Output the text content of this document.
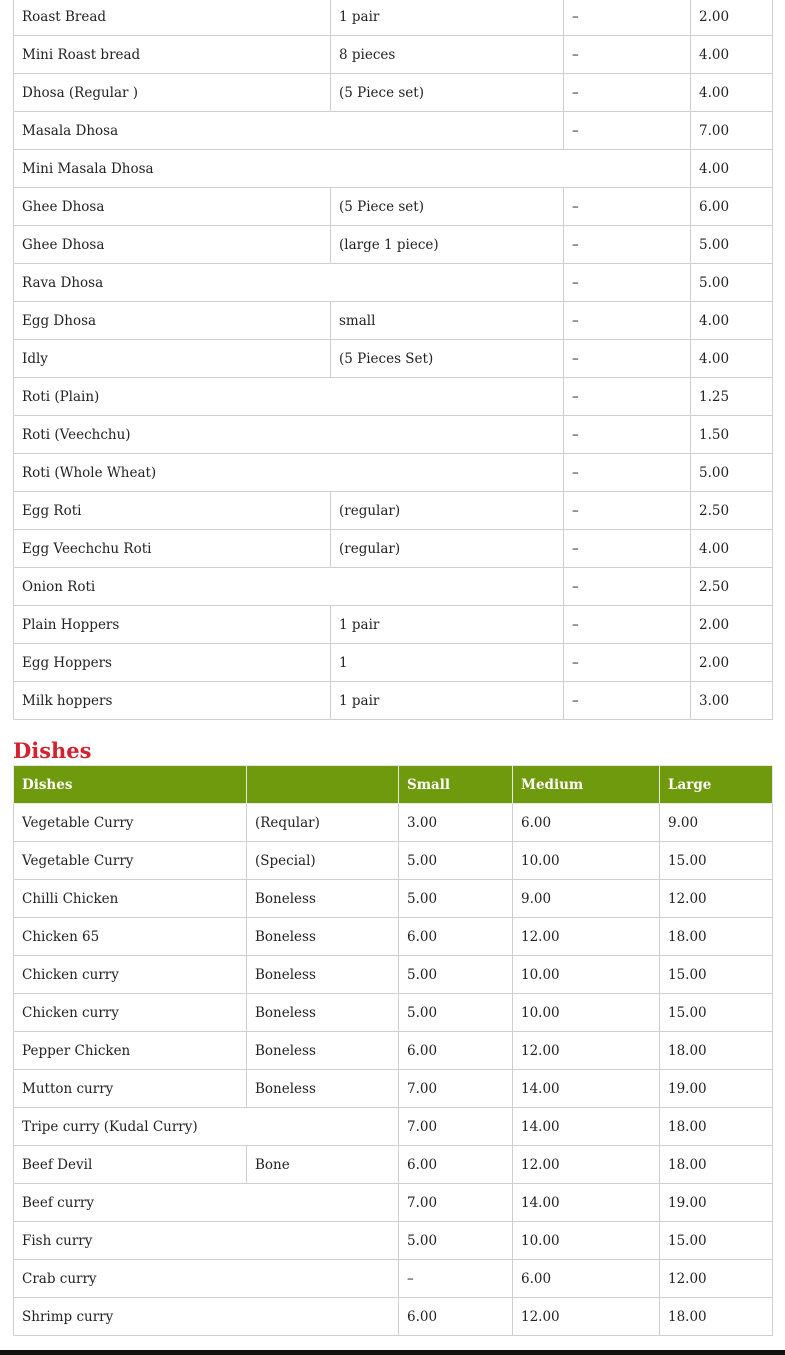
Roast Bread	1 pair	–	2.00
Mini Roast bread	8 pieces	–	4.00
Dhosa (Regular )	(5 Piece set)	–	4.00
Masala Dhosa		–	7.00
Mini Masala Dhosa			4.00
Ghee Dhosa	(5 Piece set)	–	6.00
Ghee Dhosa	(large 1 piece)	–	5.00
Rava Dhosa		–	5.00
Egg Dhosa	small	–	4.00
Idly	(5 Pieces Set)	–	4.00
Roti (Plain)		–	1.25
Roti (Veechchu)		–	1.50
Roti (Whole Wheat)		–	5.00
Egg Roti	(regular)	–	2.50
Egg Veechchu Roti	(regular)	–	4.00
Onion Roti		–	2.50
Plain Hoppers	1 pair	–	2.00
Egg Hoppers	1	–	2.00
Milk hoppers	1 pair	–	3.00
Dishes
Dishes		Small	Medium	Large
Vegetable Curry	(Reqular)	3.00	6.00	9.00
Vegetable Curry	(Special)	5.00	10.00	15.00
Chilli Chicken	Boneless	5.00	9.00	12.00
Chicken 65	Boneless	6.00	12.00	18.00
Chicken curry	Boneless	5.00	10.00	15.00
Chicken curry	Boneless	5.00	10.00	15.00
Pepper Chicken	Boneless	6.00	12.00	18.00
Mutton curry	Boneless	7.00	14.00	19.00
Tripe curry (Kudal Curry)		7.00	14.00	18.00
Beef Devil	Bone	6.00	12.00	18.00
Beef curry		7.00	14.00	19.00
Fish curry		5.00	10.00	15.00
Crab curry		–	6.00	12.00
Shrimp curry		6.00	12.00	18.00
